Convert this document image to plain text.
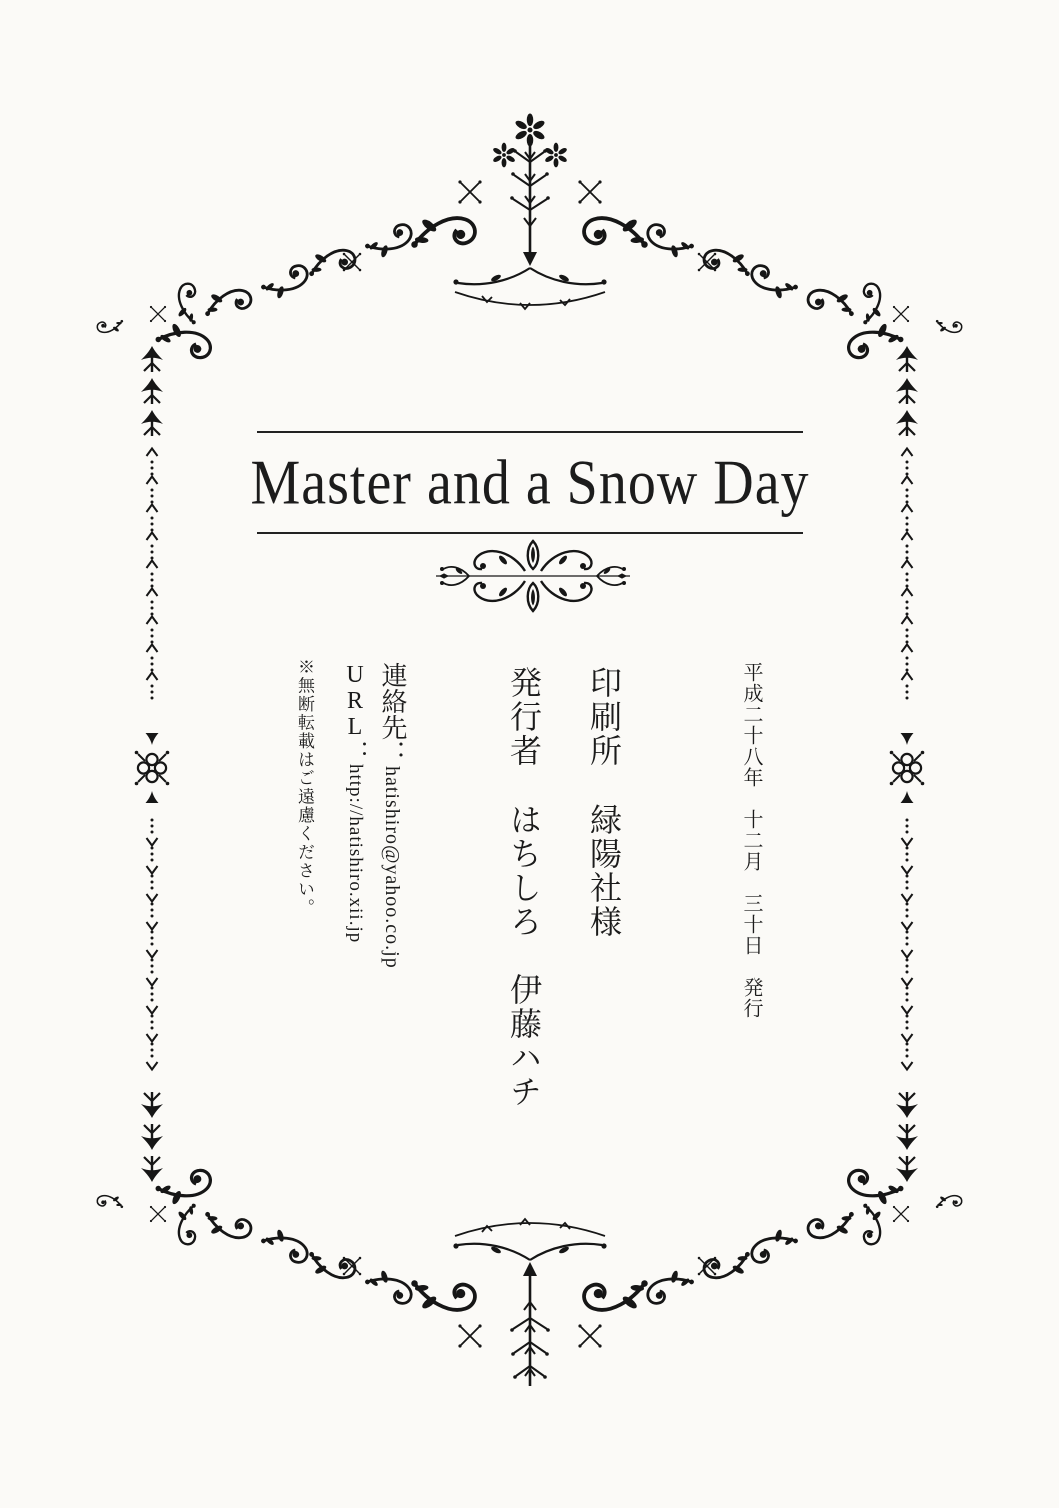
Master and a Snow Day
平成二十八年　十二月　三十日　発行
印刷所緑陽社様
発行者はちしろ　伊藤ハチ
連絡先：hatishiro@yahoo.co.jp
URL：http://hatishiro.xii.jp
※無断転載はご遠慮ください。
